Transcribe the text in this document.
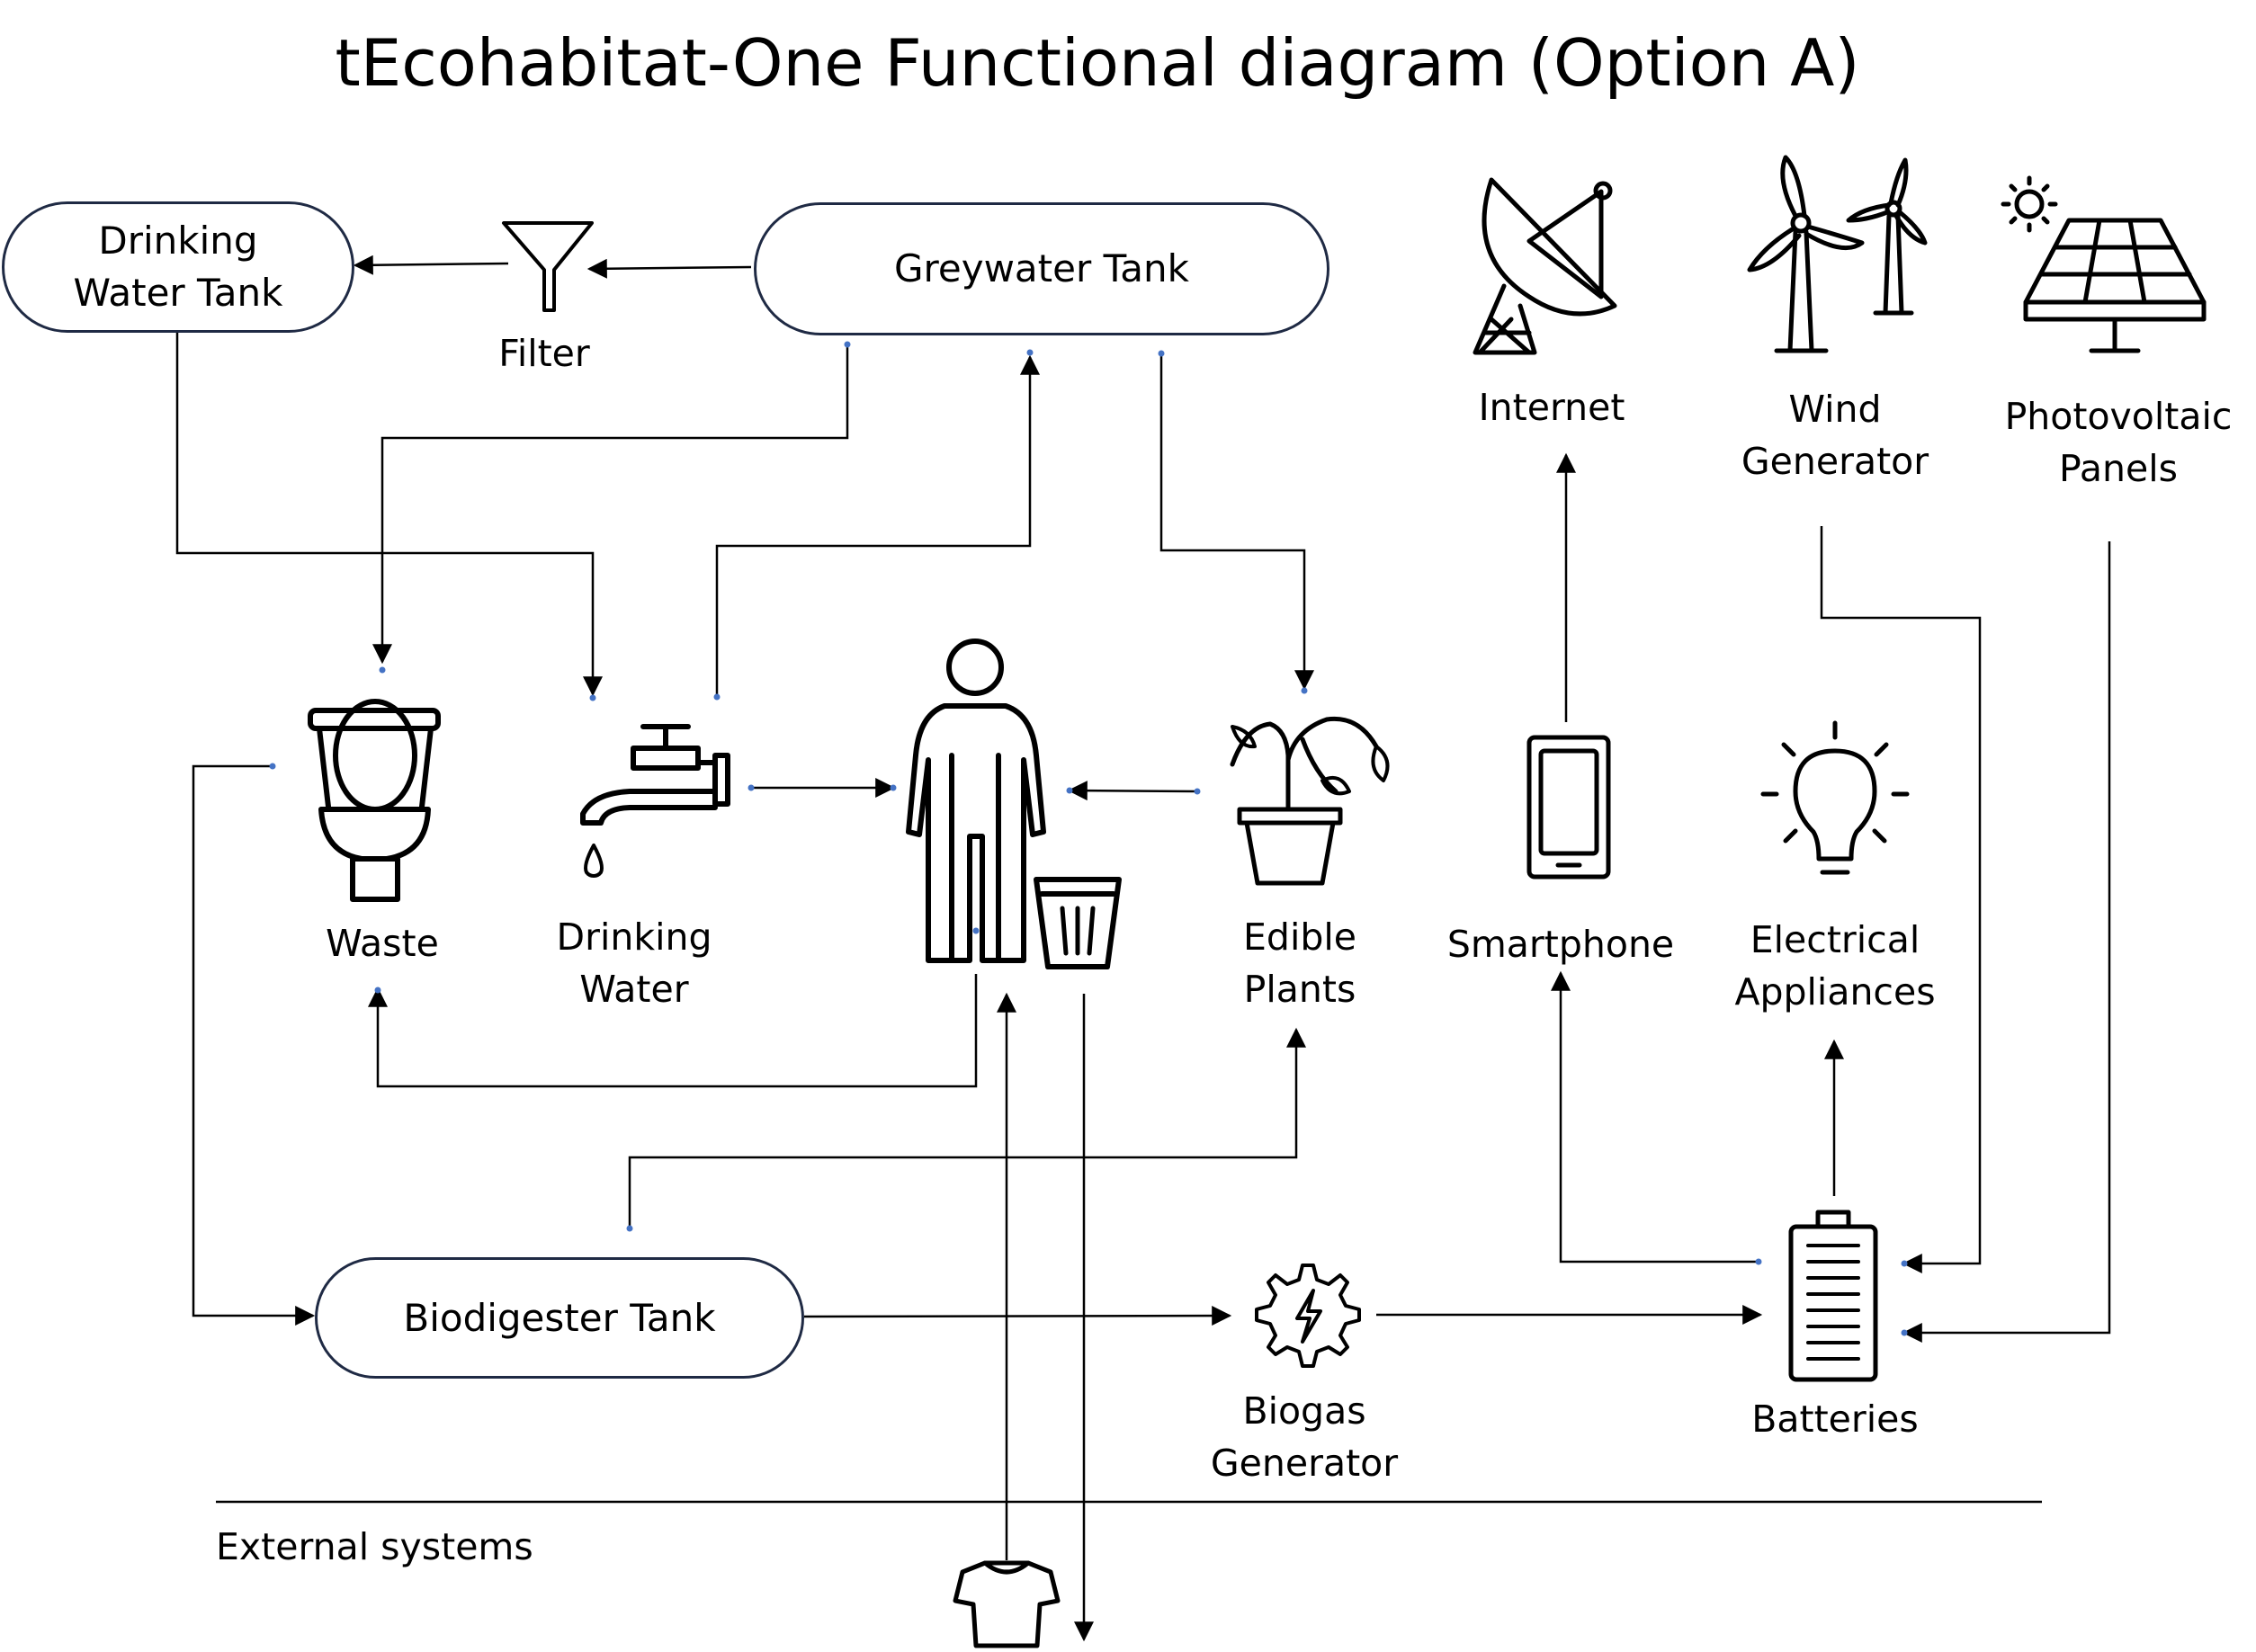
tEcohabitat-One Functional diagram (Option A)
Drinking
Water Tank
Greywater Tank
Biodigester Tank
Filter
Waste	Drinking
Water
Edible
Plants
Internet	Wind
Generator
Photovoltaic
Panels
Smartphone	Electrical
Appliances
Biogas
Generator
Batteries
External systems
